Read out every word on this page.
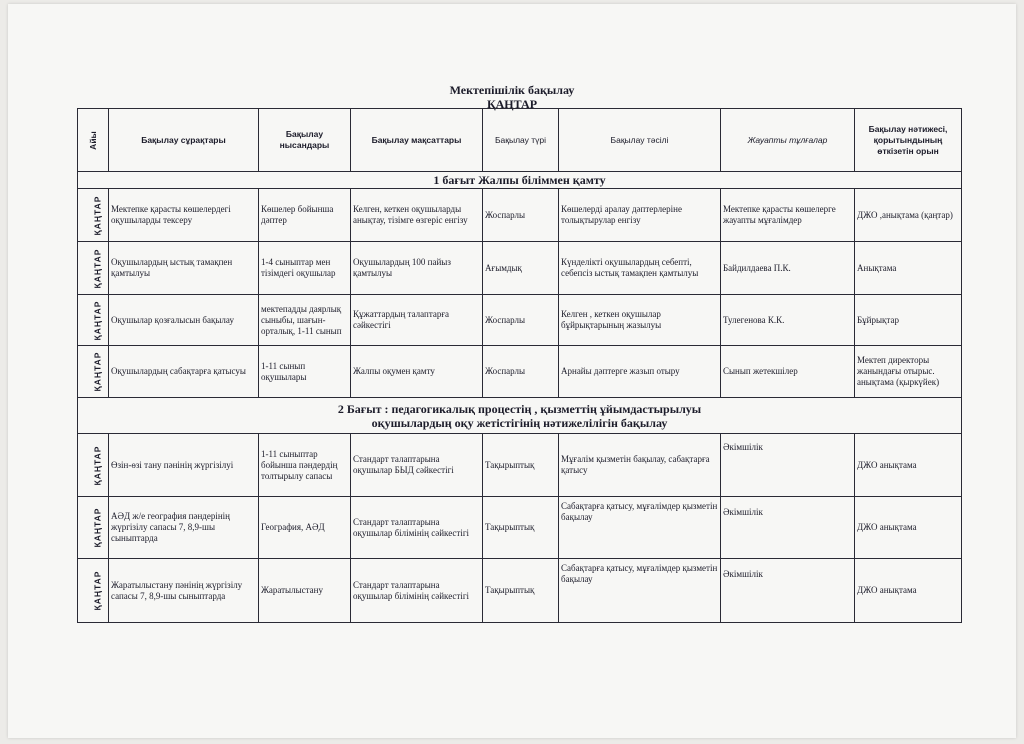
Мектепішілік бақылау
ҚАҢТАР
Айы	Бақылау сұрақтары	Бақылау нысандары	Бақылау мақсаттары	Бақылау түрі	Бақылау тәсілі	Жауапты тұлғалар	Бақылау нәтижесі, қорытындының өткізетін орын
1 бағыт Жалпы біліммен қамту							
ҚАҢТАР	Мектепке қарасты көшелердегі оқушыларды тексеру	Көшелер бойынша дәптер	Келген, кеткен оқушыларды анықтау, тізімге өзгеріс енгізу	Жоспарлы	Көшелерді аралау дәптерлеріне толықтырулар енгізу	Мектепке қарасты көшелерге жауапты мұғалімдер	ДЖО ,анықтама (қаңтар)
ҚАҢТАР	Оқушылардың ыстық тамақпен қамтылуы	1-4 сыныптар мен тізімдегі оқушылар	Оқушылардың 100 пайыз қамтылуы	Ағымдық	Күнделікті оқушылардың себепті, себепсіз ыстық тамақпен қамтылуы	Байдилдаева П.К.	Анықтама
ҚАҢТАР	Оқушылар қозғалысын бақылау	мектепадды даярлық сыныбы, шағын-орталық, 1-11 сынып	Құжаттардың талаптарға сәйкестігі	Жоспарлы	Келген , кеткен оқушылар бұйрықтарының жазылуы	Тулегенова К.К.	Бұйрықтар
ҚАҢТАР	Оқушылардың сабақтарға қатысуы	1-11 сынып оқушылары	Жалпы оқумен қамту	Жоспарлы	Арнайы дәптерге жазып отыру	Сынып жетекшілер	Мектеп директоры жанындағы отырыс. анықтама (қыркүйек)
2 Бағыт : педагогикалық процестің , қызметтің ұйымдастырылуы оқушылардың оқу жетістігінің нәтижелілігін бақылау							
ҚАҢТАР	Өзін-өзі тану пәнінің жүргізілуі	1-11 сыныптар бойынша пәндердің толтырылу сапасы	Стандарт талаптарына оқушылар БЫД сәйкестігі	Тақырыптық	Мұғалім қызметін бақылау, сабақтарға қатысу	Әкімшілік	ДЖО анықтама
ҚАҢТАР	АӘД ж/е география пәндерінің жүргізілу сапасы 7, 8,9-шы сыныптарда	География, АӘД	Стандарт талаптарына оқушылар білімінің сәйкестігі	Тақырыптық	Сабақтарға қатысу, мұғалімдер қызметін бақылау	Әкімшілік	ДЖО анықтама
ҚАҢТАР	Жаратылыстану пәнінің жүргізілу сапасы 7, 8,9-шы сыныптарда	Жаратылыстану	Стандарт талаптарына оқушылар білімінің сәйкестігі	Тақырыптық	Сабақтарға қатысу, мұғалімдер қызметін бақылау	Әкімшілік	ДЖО анықтама
